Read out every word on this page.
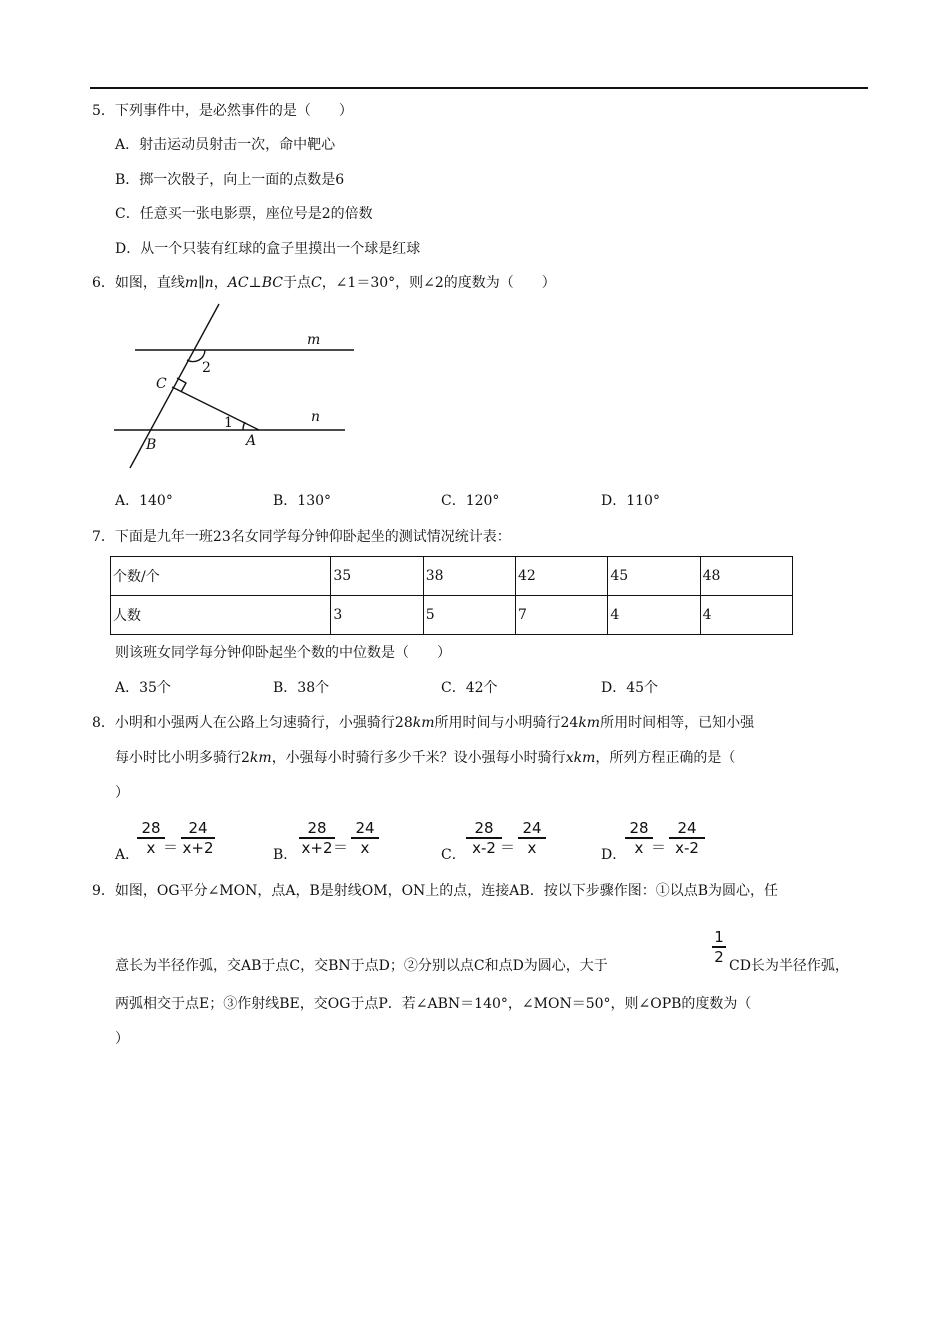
5．下列事件中，是必然事件的是（　　）
A．射击运动员射击一次，命中靶心
B．掷一次骰子，向上一面的点数是6
C．任意买一张电影票，座位号是2的倍数
D．从一个只装有红球的盒子里摸出一个球是红球
6．如图，直线m∥n，AC⊥BC于点C，∠1＝30°，则∠2的度数为（　　）
m
n
2
1
C
A
B
A．140°	B．130°	C．120°	D．110°
7．下面是九年一班23名女同学每分钟仰卧起坐的测试情况统计表：
个数/个	35	38	42	45	48
人数	3	5	7	4	4
则该班女同学每分钟仰卧起坐个数的中位数是（　　）
A．35个	B．38个	C．42个	D．45个
8．小明和小强两人在公路上匀速骑行，小强骑行28km所用时间与小明骑行24km所用时间相等，已知小强
每小时比小明多骑行2km，小强每小时骑行多少千米？设小强每小时骑行xkm，所列方程正确的是（
）
A．
28
x ＝
24
x+2	B．
28
x+2 ＝
24
x	C．
28
x-2 ＝
24
x	D．
28
x ＝
24
x-2
9．如图，OG平分∠MON，点A，B是射线OM，ON上的点，连接AB．按以下步骤作图：①以点B为圆心，任
1
2
意长为半径作弧，交AB于点C，交BN于点D；②分别以点C和点D为圆心，大于	CD长为半径作弧，
两弧相交于点E；③作射线BE，交OG于点P．若∠ABN＝140°，∠MON＝50°，则∠OPB的度数为（
）
